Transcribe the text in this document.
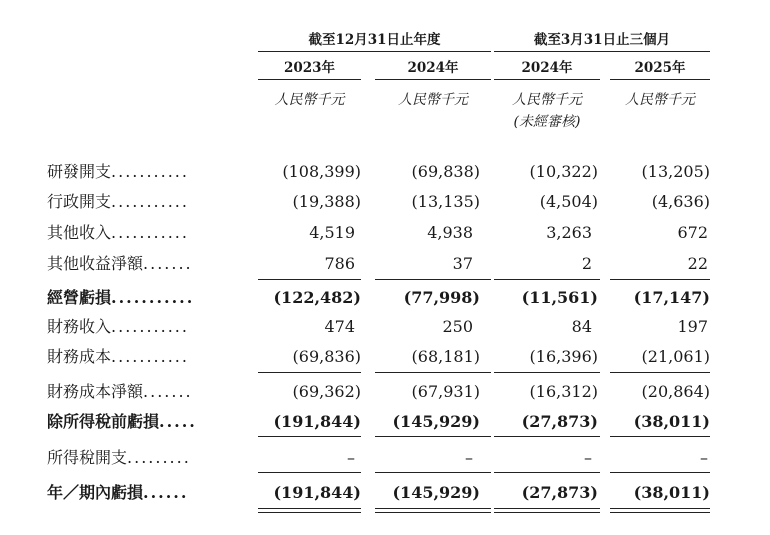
截至12月31日止年度	截至3月31日止三個月
2023年	2024年	2024年	2025年
人民幣千元	人民幣千元	人民幣千元	人民幣千元
(未經審核)
研發開支...........	(108,399)	(69,838)	(10,322)	(13,205)
行政開支...........	(19,388)	(13,135)	(4,504)	(4,636)
其他收入...........	4,519	4,938	3,263	672
其他收益淨額.......	786	37	2	22
經營虧損...........	(122,482)	(77,998)	(11,561)	(17,147)
財務收入...........	474	250	84	197
財務成本...........	(69,836)	(68,181)	(16,396)	(21,061)
財務成本淨額.......	(69,362)	(67,931)	(16,312)	(20,864)
除所得稅前虧損.....	(191,844)	(145,929)	(27,873)	(38,011)
所得稅開支.........	–	–	–	–
年／期內虧損......	(191,844)	(145,929)	(27,873)	(38,011)
